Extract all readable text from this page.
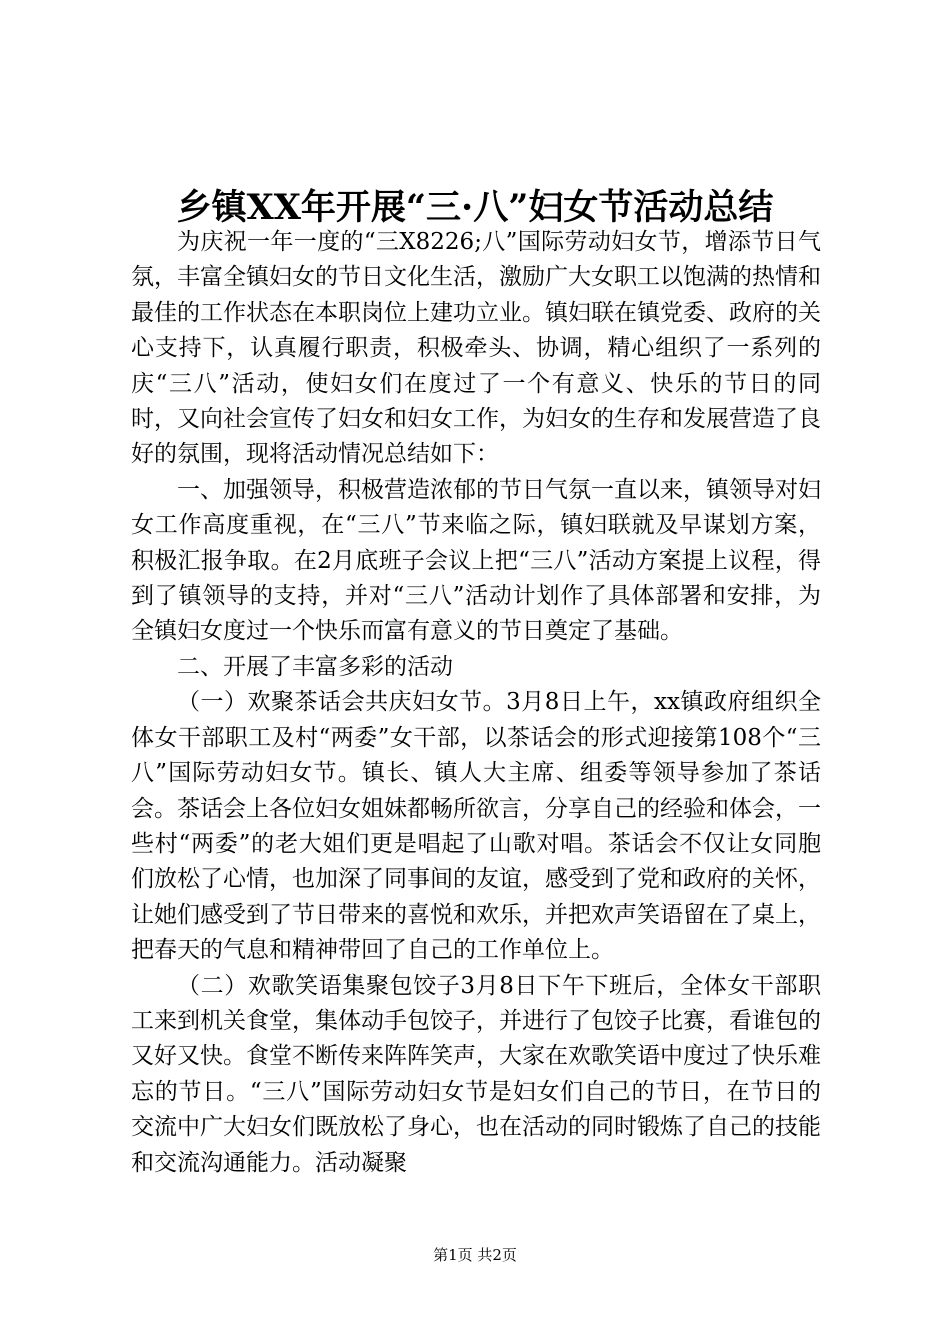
乡镇XX年开展“三·八”妇女节活动总结

为庆祝一年一度的“三X8226;八”国际劳动妇女节，增添节日气氛，丰富全镇妇女的节日文化生活，激励广大女职工以饱满的热情和最佳的工作状态在本职岗位上建功立业。镇妇联在镇党委、政府的关心支持下，认真履行职责，积极牵头、协调，精心组织了一系列的庆“三八”活动，使妇女们在度过了一个有意义、快乐的节日的同时，又向社会宣传了妇女和妇女工作，为妇女的生存和发展营造了良好的氛围，现将活动情况总结如下：

一、加强领导，积极营造浓郁的节日气氛一直以来，镇领导对妇女工作高度重视，在“三八”节来临之际，镇妇联就及早谋划方案，积极汇报争取。在2月底班子会议上把“三八”活动方案提上议程，得到了镇领导的支持，并对“三八”活动计划作了具体部署和安排，为全镇妇女度过一个快乐而富有意义的节日奠定了基础。

二、开展了丰富多彩的活动

（一）欢聚茶话会共庆妇女节。3月8日上午，xx镇政府组织全体女干部职工及村“两委”女干部，以茶话会的形式迎接第108个“三八”国际劳动妇女节。镇长、镇人大主席、组委等领导参加了茶话会。茶话会上各位妇女姐妹都畅所欲言，分享自己的经验和体会，一些村“两委”的老大姐们更是唱起了山歌对唱。茶话会不仅让女同胞们放松了心情，也加深了同事间的友谊，感受到了党和政府的关怀，让她们感受到了节日带来的喜悦和欢乐，并把欢声笑语留在了桌上，把春天的气息和精神带回了自己的工作单位上。

（二）欢歌笑语集聚包饺子3月8日下午下班后，全体女干部职工来到机关食堂，集体动手包饺子，并进行了包饺子比赛，看谁包的又好又快。食堂不断传来阵阵笑声，大家在欢歌笑语中度过了快乐难忘的节日。“三八”国际劳动妇女节是妇女们自己的节日，在节日的交流中广大妇女们既放松了身心，也在活动的同时锻炼了自己的技能和交流沟通能力。活动凝聚

第1页 共2页
